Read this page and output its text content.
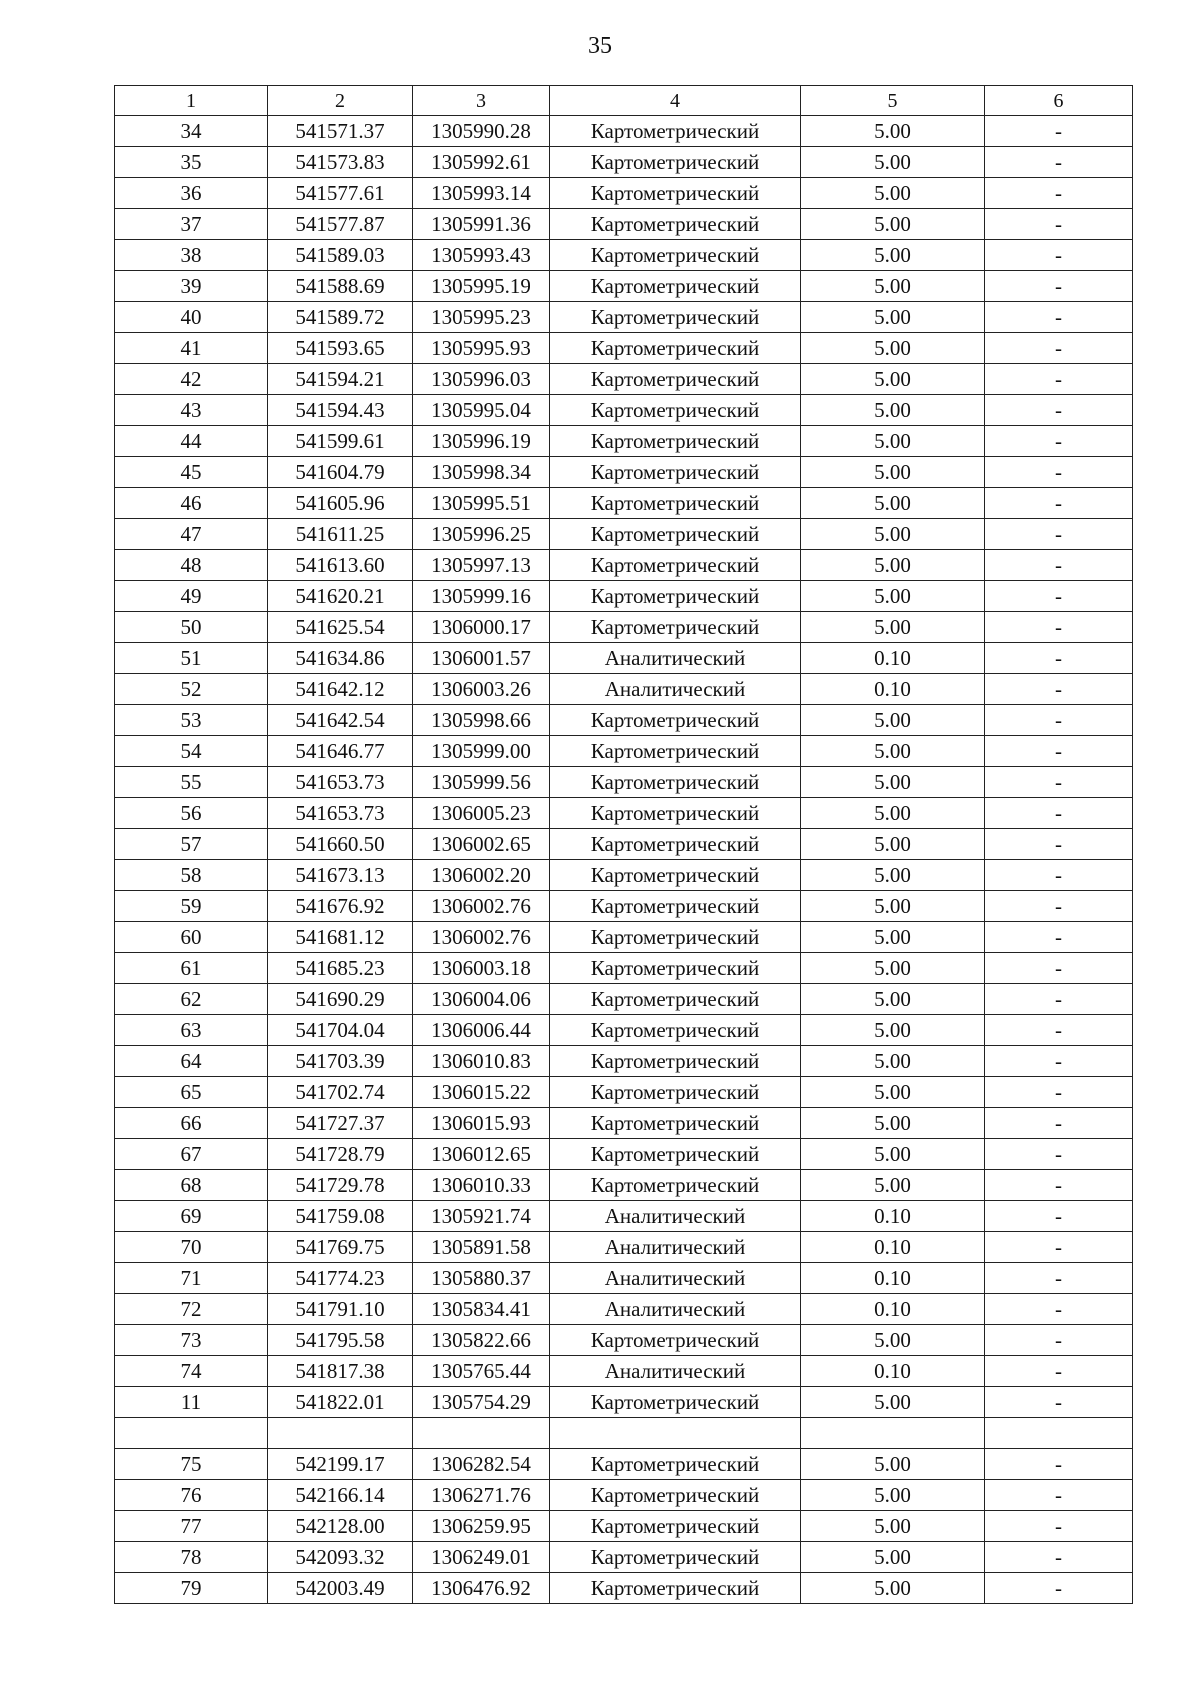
35
1	2	3	4	5	6
34	541571.37	1305990.28	Картометрический	5.00	-
35	541573.83	1305992.61	Картометрический	5.00	-
36	541577.61	1305993.14	Картометрический	5.00	-
37	541577.87	1305991.36	Картометрический	5.00	-
38	541589.03	1305993.43	Картометрический	5.00	-
39	541588.69	1305995.19	Картометрический	5.00	-
40	541589.72	1305995.23	Картометрический	5.00	-
41	541593.65	1305995.93	Картометрический	5.00	-
42	541594.21	1305996.03	Картометрический	5.00	-
43	541594.43	1305995.04	Картометрический	5.00	-
44	541599.61	1305996.19	Картометрический	5.00	-
45	541604.79	1305998.34	Картометрический	5.00	-
46	541605.96	1305995.51	Картометрический	5.00	-
47	541611.25	1305996.25	Картометрический	5.00	-
48	541613.60	1305997.13	Картометрический	5.00	-
49	541620.21	1305999.16	Картометрический	5.00	-
50	541625.54	1306000.17	Картометрический	5.00	-
51	541634.86	1306001.57	Аналитический	0.10	-
52	541642.12	1306003.26	Аналитический	0.10	-
53	541642.54	1305998.66	Картометрический	5.00	-
54	541646.77	1305999.00	Картометрический	5.00	-
55	541653.73	1305999.56	Картометрический	5.00	-
56	541653.73	1306005.23	Картометрический	5.00	-
57	541660.50	1306002.65	Картометрический	5.00	-
58	541673.13	1306002.20	Картометрический	5.00	-
59	541676.92	1306002.76	Картометрический	5.00	-
60	541681.12	1306002.76	Картометрический	5.00	-
61	541685.23	1306003.18	Картометрический	5.00	-
62	541690.29	1306004.06	Картометрический	5.00	-
63	541704.04	1306006.44	Картометрический	5.00	-
64	541703.39	1306010.83	Картометрический	5.00	-
65	541702.74	1306015.22	Картометрический	5.00	-
66	541727.37	1306015.93	Картометрический	5.00	-
67	541728.79	1306012.65	Картометрический	5.00	-
68	541729.78	1306010.33	Картометрический	5.00	-
69	541759.08	1305921.74	Аналитический	0.10	-
70	541769.75	1305891.58	Аналитический	0.10	-
71	541774.23	1305880.37	Аналитический	0.10	-
72	541791.10	1305834.41	Аналитический	0.10	-
73	541795.58	1305822.66	Картометрический	5.00	-
74	541817.38	1305765.44	Аналитический	0.10	-
11	541822.01	1305754.29	Картометрический	5.00	-

75	542199.17	1306282.54	Картометрический	5.00	-
76	542166.14	1306271.76	Картометрический	5.00	-
77	542128.00	1306259.95	Картометрический	5.00	-
78	542093.32	1306249.01	Картометрический	5.00	-
79	542003.49	1306476.92	Картометрический	5.00	-
